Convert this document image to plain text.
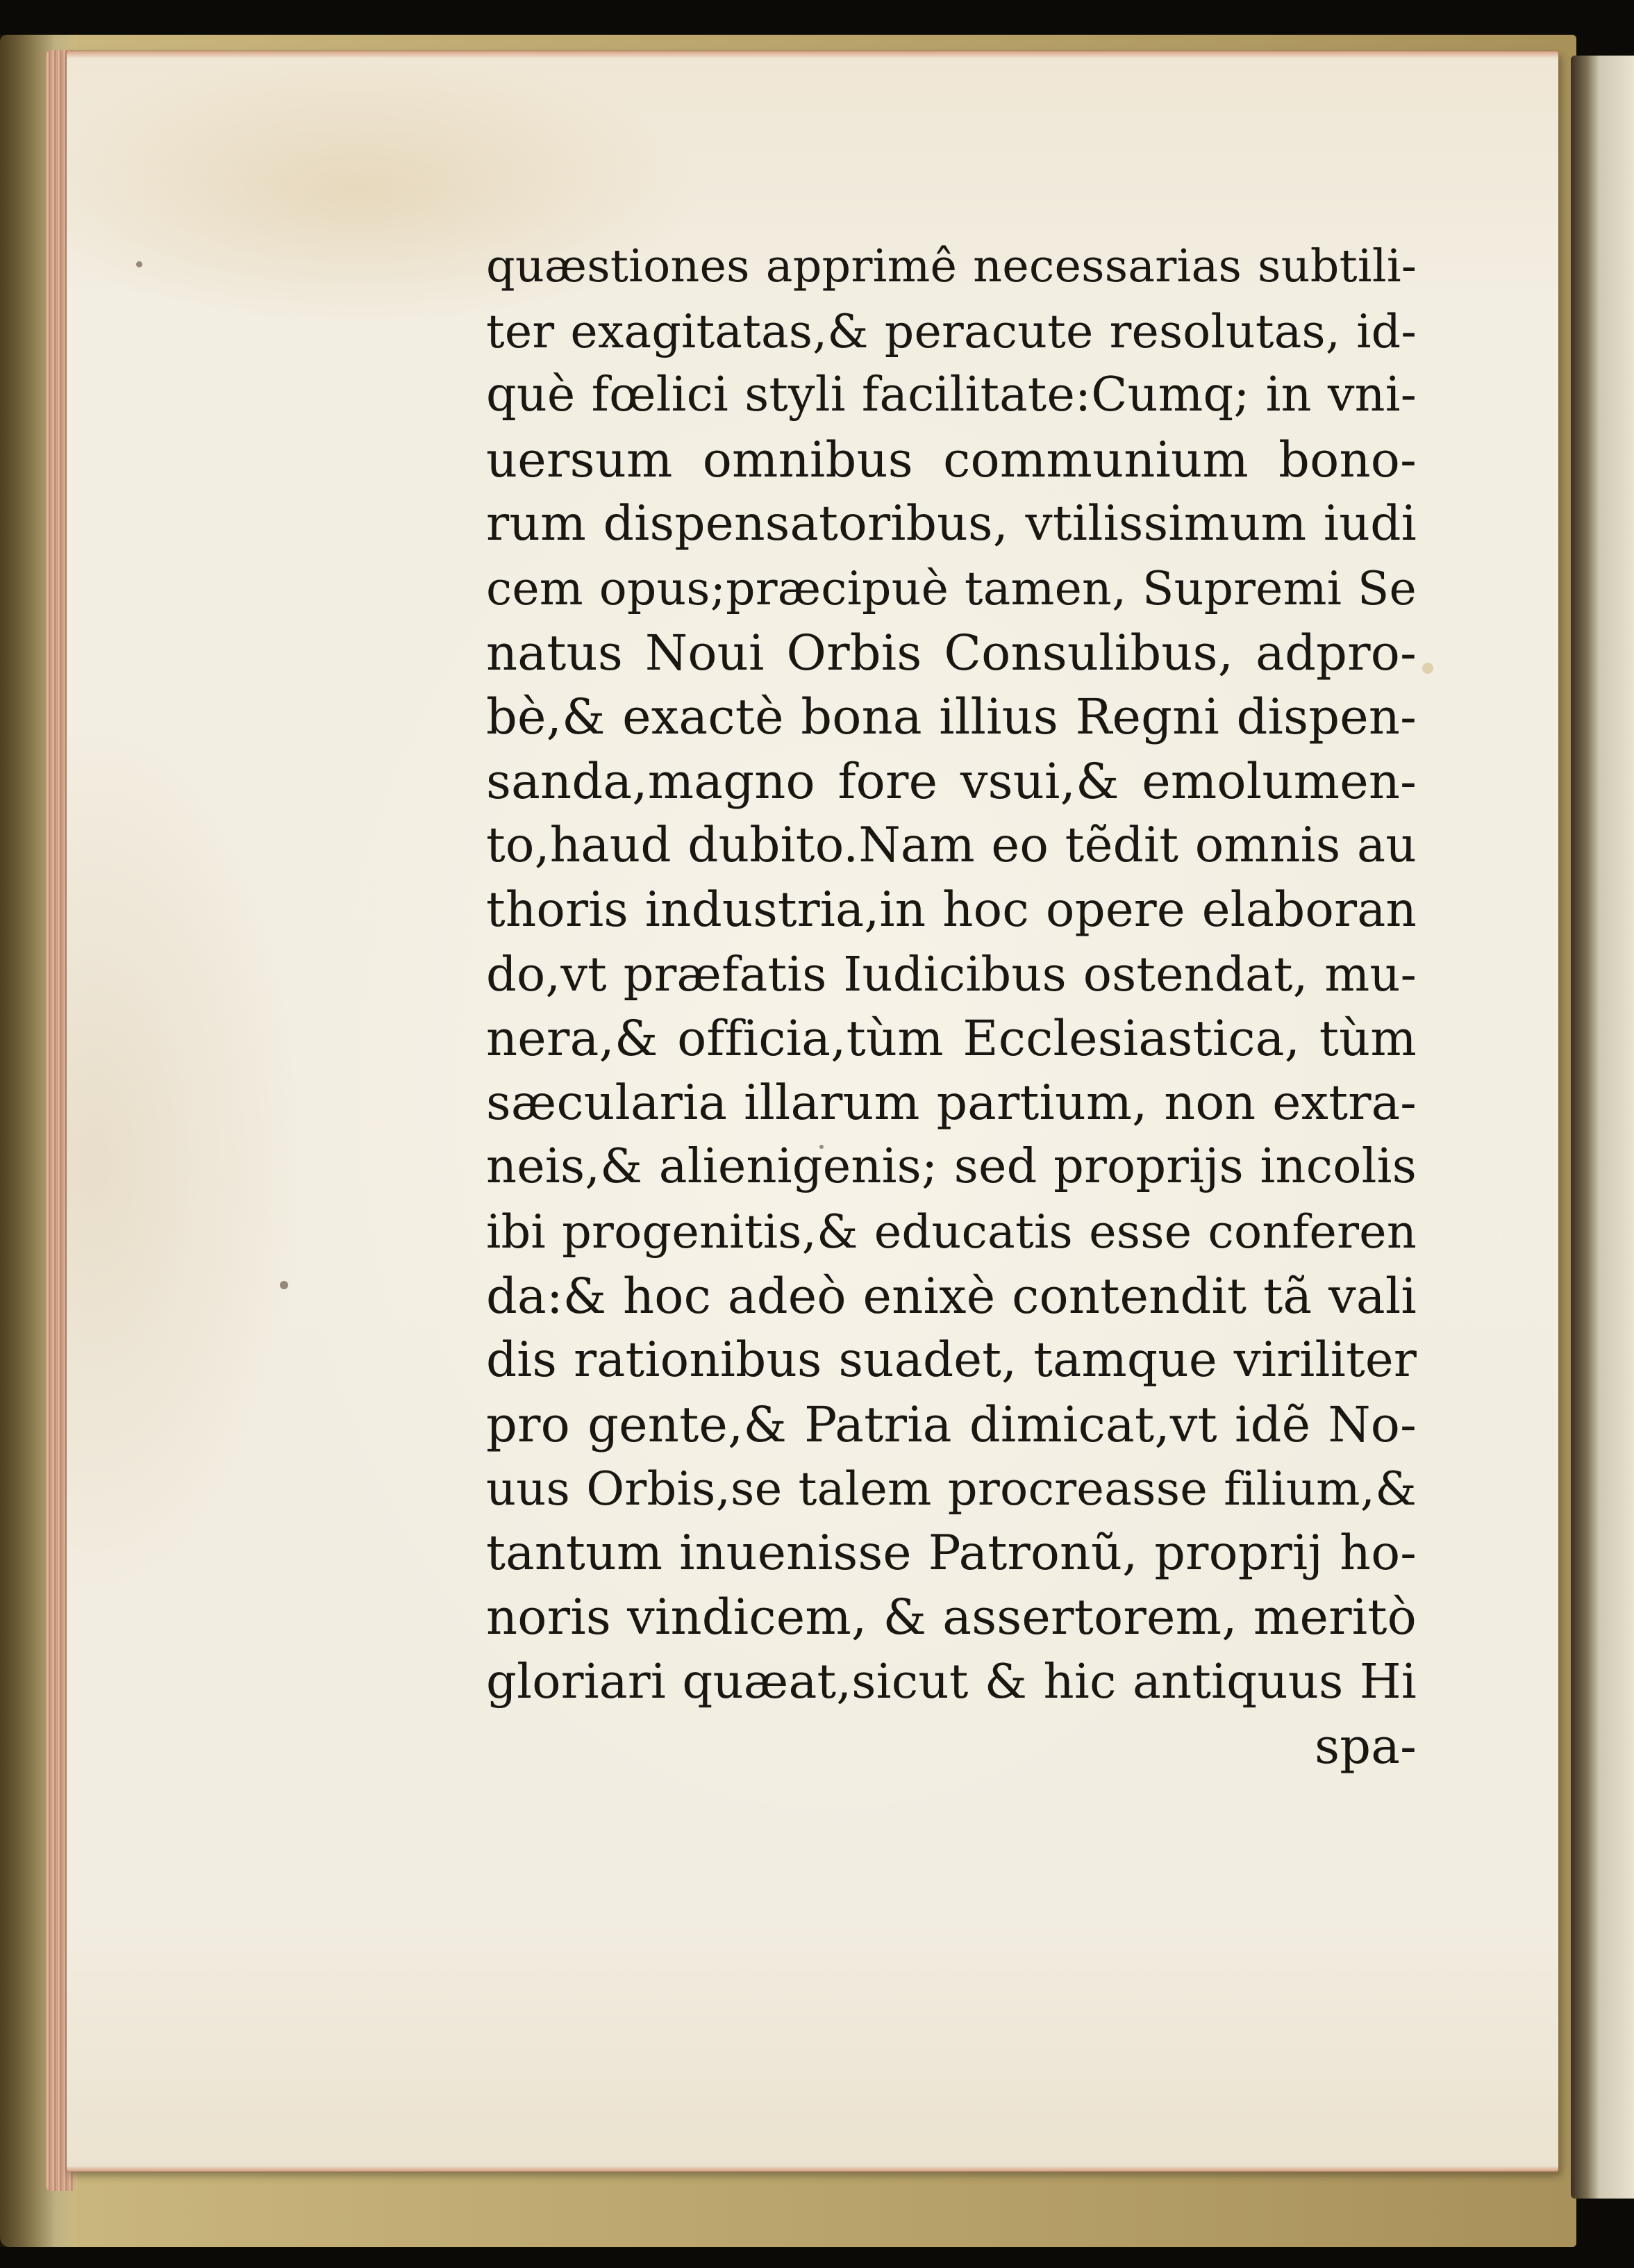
quæstiones apprimê necessarias subtili-
ter exagitatas,& peracute resolutas, id-
què fœlici styli facilitate:Cumq; in vni-
uersum omnibus communium bono-
rum dispensatoribus, vtilissimum iudi
cem opus;præcipuè tamen, Supremi Se
natus Noui Orbis Consulibus, adpro-
bè,& exactè bona illius Regni dispen-
sanda,magno fore vsui,& emolumen-
to,haud dubito.Nam eo tẽdit omnis au
thoris industria,in hoc opere elaboran
do,vt præfatis Iudicibus ostendat, mu-
nera,& officia,tùm Ecclesiastica, tùm
sæcularia illarum partium, non extra-
neis,& alienigenis; sed proprijs incolis
ibi progenitis,& educatis esse conferen
da:& hoc adeò enixè contendit tã vali
dis rationibus suadet, tamque viriliter
pro gente,& Patria dimicat,vt idẽ No-
uus Orbis,se talem procreasse filium,&
tantum inuenisse Patronũ, proprij ho-
noris vindicem, & assertorem, meritò
gloriari quæat,sicut & hic antiquus Hi
spa-
